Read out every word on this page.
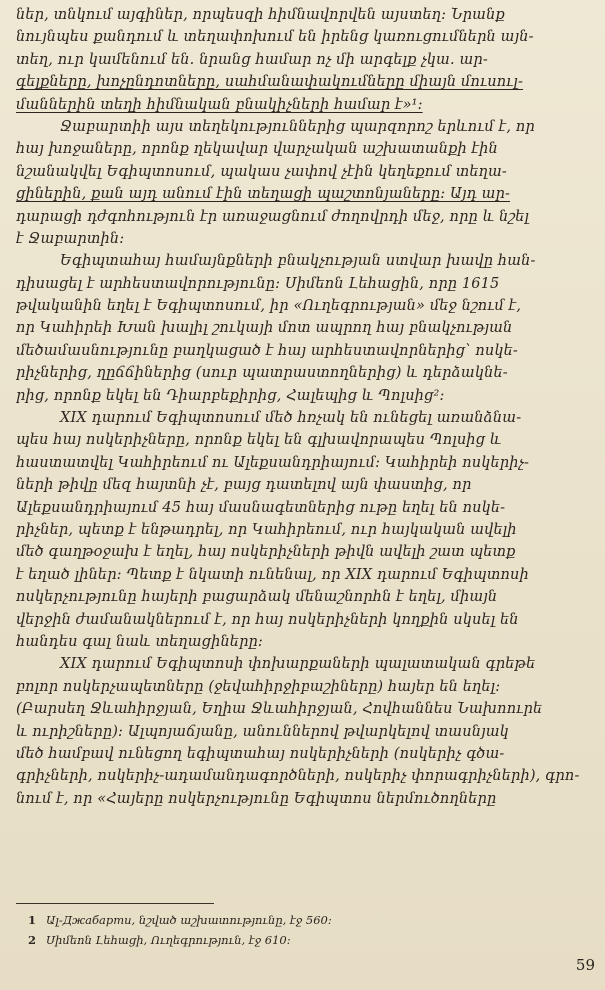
ներ, տնկում այգիներ, որպեսզի հիմնավորվեն այստեղ։ Նրանք
նույնպես քանդում և տեղափոխում են իրենց կառուցումներն այն-
տեղ, ուր կամենում են. նրանց համար ոչ մի արգելք չկա. ար-
գելքները, խոչընդոտները, սահմանափակումները միայն մուսուլ-
մաններին տեղի հիմնական բնակիչների համար է»¹։
Ջաբարտիի այս տեղեկություններից պարզորոշ երևում է, որ
հայ խոջաները, որոնք ղեկավար վարչական աշխատանքի էին
նշանակվել Եգիպտոսում, պակաս չափով չէին կեղեքում տեղա-
ցիներին, քան այդ անում էին տեղացի պաշտոնյաները։ Այդ ար-
դարացի դժգոհություն էր առաջացնում ժողովրդի մեջ, որը և նշել
է Ջաբարտին։
Եգիպտահայ համայնքների բնակչության ստվար խավը հան-
դիսացել է արհեստավորությունը։ Սիմեոն Լեհացին, որը 1615
թվականին եղել է Եգիպտոսում, իր «Ուղեգրության» մեջ նշում է,
որ Կահիրեի Խան խալիլ շուկայի մոտ ապրող հայ բնակչության
մեծամասնությունը բաղկացած է հայ արհեստավորներից՝ ոսկե-
րիչներից, ղըճճիներից (սուր պատրաստողներից) և դերձակնե-
րից, որոնք եկել են Դիարբեքիրից, Հալեպից և Պոլսից²։
XIX դարում Եգիպտոսում մեծ հռչակ են ունեցել առանձնա-
պես հայ ոսկերիչները, որոնք եկել են գլխավորապես Պոլսից և
հաստատվել Կահիրեում ու Ալեքսանդրիայում։ Կահիրեի ոսկերիչ-
ների թիվը մեզ հայտնի չէ, բայց դատելով այն փաստից, որ
Ալեքսանդրիայում 45 հայ մասնագետներից ութը եղել են ոսկե-
րիչներ, պետք է ենթադրել, որ Կահիրեում, ուր հայկական ավելի
մեծ գաղթօջախ է եղել, հայ ոսկերիչների թիվն ավելի շատ պետք
է եղած լիներ։ Պետք է նկատի ունենալ, որ XIX դարում Եգիպտոսի
ոսկերչությունը հայերի բացարձակ մենաշնորհն է եղել, միայն
վերջին ժամանակներում է, որ հայ ոսկերիչների կողքին սկսել են
հանդես գալ նաև տեղացիները։
XIX դարում Եգիպտոսի փոխարքաների պալատական գրեթե
բոլոր ոսկերչապետները (ջեվահիրջիբաշիները) հայեր են եղել։
(Բարսեղ Ջևահիրջյան, Եղիա Ջևահիրջյան, Հովհաննես Նախոուրե
և ուրիշները)։ Ալպոյաճյանը, անուններով թվարկելով տասնյակ
մեծ համբավ ունեցող եգիպտահայ ոսկերիչների (ոսկերիչ գծա-
գրիչների, ոսկերիչ-ադամանդագործների, ոսկերիչ փորագրիչների), գրո-
նում է, որ «Հայերը ոսկերչությունը Եգիպտոս ներմուծողները
1 Ալ-Джабарти, նշված աշխատությունը, էջ 560։
2 Սիմեոն Լեհացի, Ուղեգրություն, էջ 610։
59
